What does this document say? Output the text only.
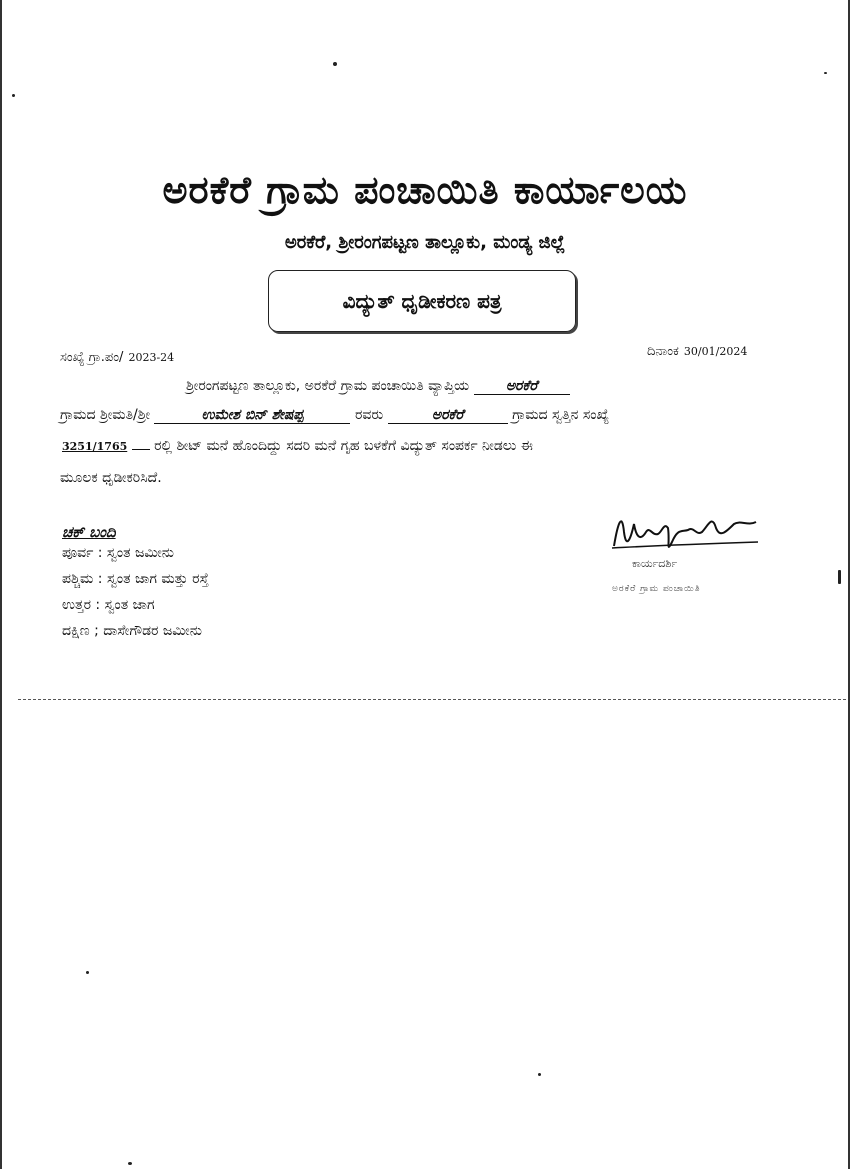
ಅರಕೆರೆ ಗ್ರಾಮ ಪಂಚಾಯಿತಿ ಕಾರ್ಯಾಲಯ
ಅರಕೆರೆ, ಶ್ರೀರಂಗಪಟ್ಟಣ ತಾಲ್ಲೂಕು, ಮಂಡ್ಯ ಜಿಲ್ಲೆ
ವಿದ್ಯುತ್ ಧೃಡೀಕರಣ ಪತ್ರ
ಸಂಖ್ಯೆ ಗ್ರಾ.ಪಂ/ 2023-24	ದಿನಾಂಕ 30/01/2024
ಶ್ರೀರಂಗಪಟ್ಟಣ ತಾಲ್ಲೂಕು, ಅರಕೆರೆ ಗ್ರಾಮ ಪಂಚಾಯಿತಿ ವ್ಯಾಪ್ತಿಯ	ಅರಕೆರೆ
ಗ್ರಾಮದ ಶ್ರೀಮತಿ/ಶ್ರೀ	ಉಮೇಶ ಬಿನ್ ಶೇಷಪ್ಪ	ರವರು	ಅರಕೆರೆ	ಗ್ರಾಮದ ಸ್ವತ್ತಿನ ಸಂಖ್ಯೆ
3251/1765 ರಲ್ಲಿ ಶೀಟ್ ಮನೆ ಹೊಂದಿದ್ದು ಸದರಿ ಮನೆ ಗೃಹ ಬಳಕೆಗೆ ವಿದ್ಯುತ್ ಸಂಪರ್ಕ ನೀಡಲು ಈ
ಮೂಲಕ ಧೃಡೀಕರಿಸಿದೆ.
ಚಕ್ ಬಂದಿ
ಪೂರ್ವ : ಸ್ವಂತ ಜಮೀನು
ಪಶ್ಚಿಮ : ಸ್ವಂತ ಜಾಗ ಮತ್ತು ರಸ್ತೆ
ಉತ್ತರ : ಸ್ವಂತ ಜಾಗ
ದಕ್ಷಿಣ ; ದಾಸೇಗೌಡರ ಜಮೀನು
ಕಾರ್ಯದರ್ಶಿ
ಅರಕೆರೆ ಗ್ರಾಮ ಪಂಚಾಯಿತಿ
